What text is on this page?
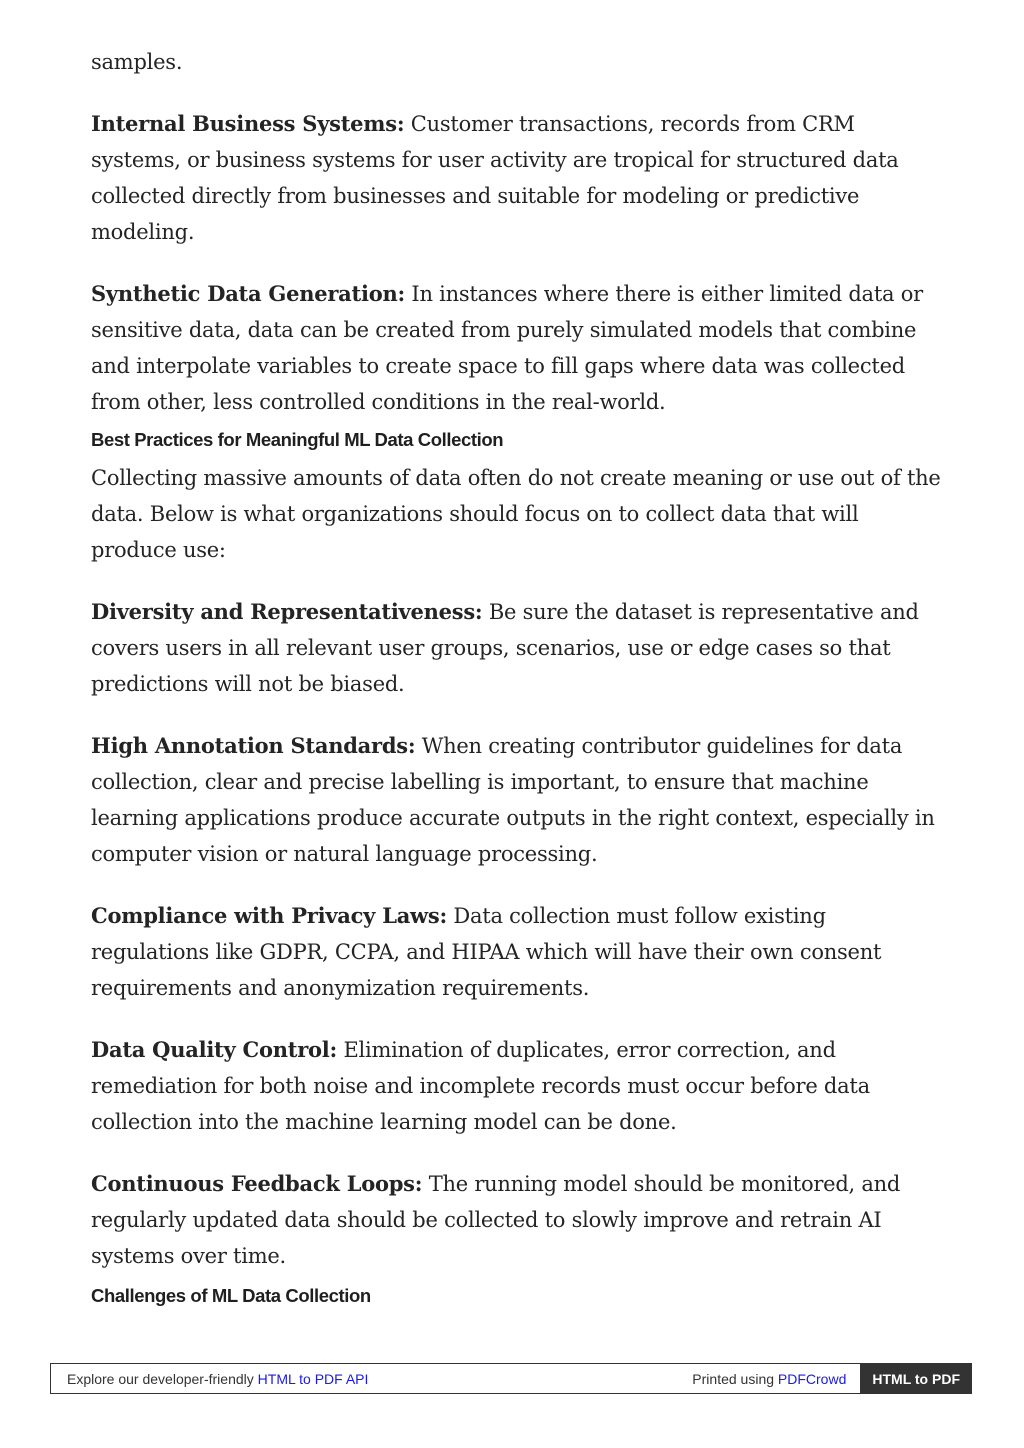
samples.

Internal Business Systems: Customer transactions, records from CRM systems, or business systems for user activity are tropical for structured data collected directly from businesses and suitable for modeling or predictive modeling.

Synthetic Data Generation: In instances where there is either limited data or sensitive data, data can be created from purely simulated models that combine and interpolate variables to create space to fill gaps where data was collected from other, less controlled conditions in the real-world.

Best Practices for Meaningful ML Data Collection

Collecting massive amounts of data often do not create meaning or use out of the data. Below is what organizations should focus on to collect data that will produce use:

Diversity and Representativeness: Be sure the dataset is representative and covers users in all relevant user groups, scenarios, use or edge cases so that predictions will not be biased.

High Annotation Standards: When creating contributor guidelines for data collection, clear and precise labelling is important, to ensure that machine learning applications produce accurate outputs in the right context, especially in computer vision or natural language processing.

Compliance with Privacy Laws: Data collection must follow existing regulations like GDPR, CCPA, and HIPAA which will have their own consent requirements and anonymization requirements.

Data Quality Control: Elimination of duplicates, error correction, and remediation for both noise and incomplete records must occur before data collection into the machine learning model can be done.

Continuous Feedback Loops: The running model should be monitored, and regularly updated data should be collected to slowly improve and retrain AI systems over time.

Challenges of ML Data Collection
Explore our developer-friendly HTML to PDF API	Printed using PDFCrowd	HTML to PDF
